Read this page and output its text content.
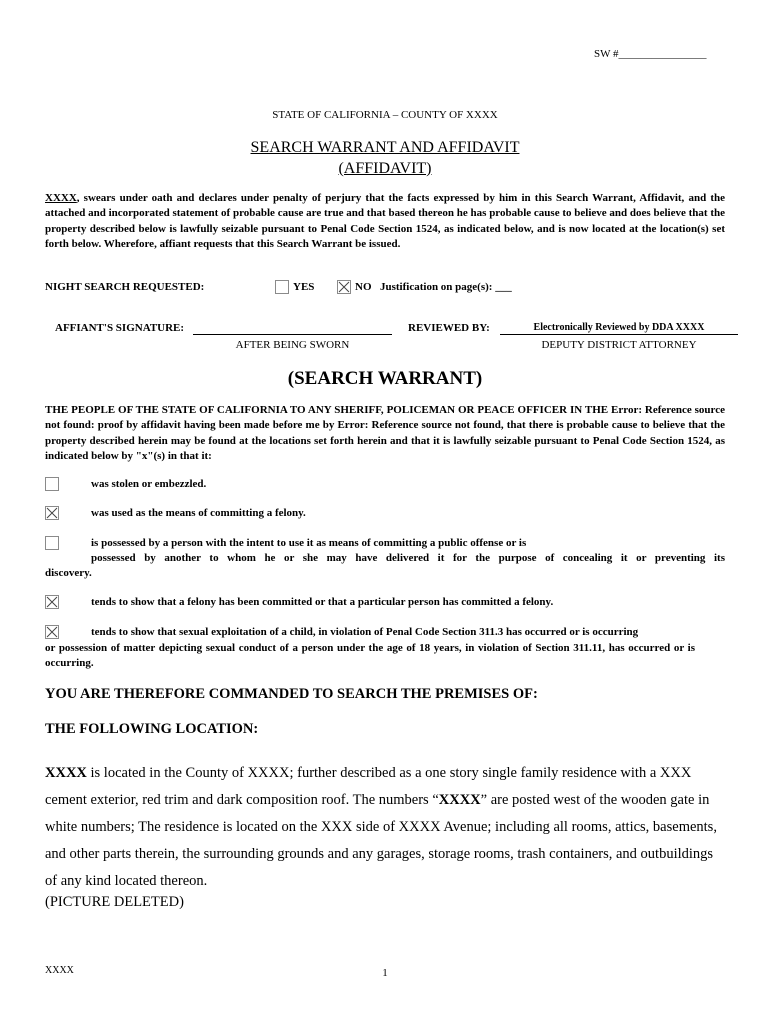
SW #________________
STATE OF CALIFORNIA – COUNTY OF XXXX
SEARCH WARRANT AND AFFIDAVIT
(AFFIDAVIT)
XXXX, swears under oath and declares under penalty of perjury that the facts expressed by him in this Search Warrant, Affidavit, and the attached and incorporated statement of probable cause are true and that based thereon he has probable cause to believe and does believe that the property described below is lawfully seizable pursuant to Penal Code Section 1524, as indicated below, and is now located at the location(s) set forth below. Wherefore, affiant requests that this Search Warrant be issued.
NIGHT SEARCH REQUESTED:	YES	NO Justification on page(s): ___
AFFIANT'S SIGNATURE:
AFTER BEING SWORN
REVIEWED BY:	Electronically Reviewed by DDA XXXX
DEPUTY DISTRICT ATTORNEY
(SEARCH WARRANT)
THE PEOPLE OF THE STATE OF CALIFORNIA TO ANY SHERIFF, POLICEMAN OR PEACE OFFICER IN THE Error: Reference source not found: proof by affidavit having been made before me by Error: Reference source not found, that there is probable cause to believe that the property described herein may be found at the locations set forth herein and that it is lawfully seizable pursuant to Penal Code Section 1524, as indicated below by "x"(s) in that it:
was stolen or embezzled.
was used as the means of committing a felony.
is possessed by a person with the intent to use it as means of committing a public offense or is
possessed by another to whom he or she may have delivered it for the purpose of concealing it or preventing its
discovery.
tends to show that a felony has been committed or that a particular person has committed a felony.
tends to show that sexual exploitation of a child, in violation of Penal Code Section 311.3 has occurred or is occurring
or possession of matter depicting sexual conduct of a person under the age of 18 years, in violation of Section 311.11, has occurred or is occurring.
YOU ARE THEREFORE COMMANDED TO SEARCH THE PREMISES OF:
THE FOLLOWING LOCATION:
XXXX is located in the County of XXXX; further described as a one story single family residence with a XXX cement exterior, red trim and dark composition roof. The numbers “XXXX” are posted west of the wooden gate in white numbers; The residence is located on the XXX side of XXXX Avenue; including all rooms, attics, basements, and other parts therein, the surrounding grounds and any garages, storage rooms, trash containers, and outbuildings of any kind located thereon.
(PICTURE DELETED)
XXXX	1
